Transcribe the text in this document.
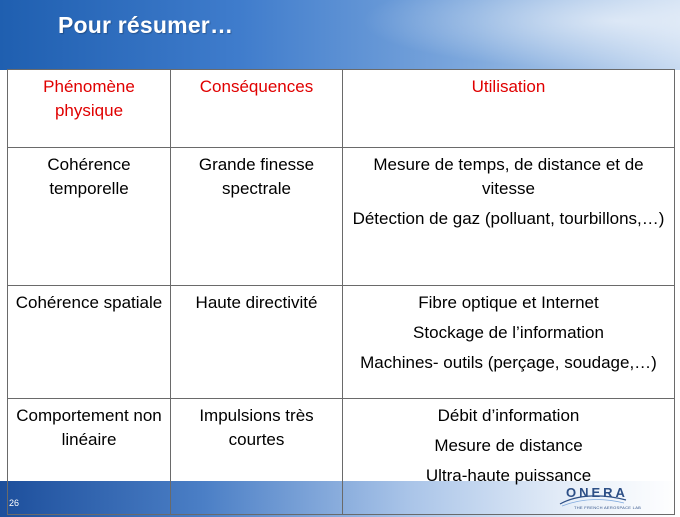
Pour résumer…
26
ONERA
THE FRENCH AEROSPACE LAB
Phénomène physique	Conséquences	Utilisation
Cohérence temporelle	Grande finesse spectrale	Mesure de temps, de distance et de vitesse

Détection de gaz (polluant, tourbillons,…)

Cohérence spatiale	Haute directivité	Fibre optique et Internet

Stockage de l’information

Machines- outils (perçage, soudage,…)

Comportement non linéaire	Impulsions très courtes	Débit d’information

Mesure de distance

Ultra-haute puissance
